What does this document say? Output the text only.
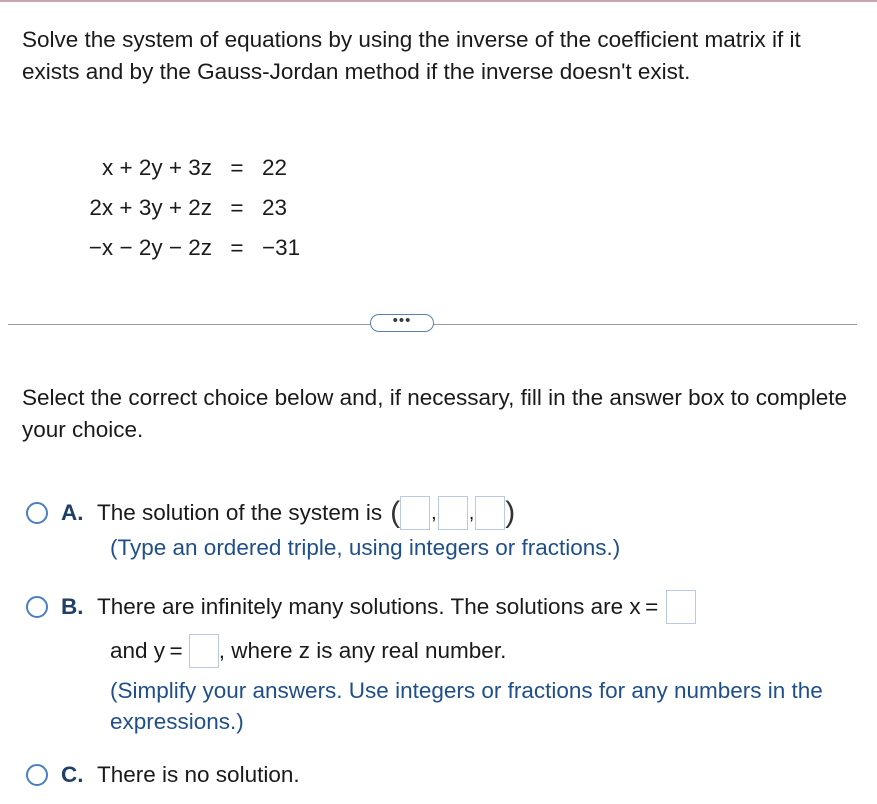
Solve the system of equations by using the inverse of the coefficient matrix if it exists and by the Gauss-Jordan method if the inverse doesn't exist.

x + 2y + 3z = 22
2x + 3y + 2z = 23
−x − 2y − 2z = −31
•••

Select the correct choice below and, if necessary, fill in the answer box to complete your choice.

A. The solution of the system is ( , , )

(Type an ordered triple, using integers or fractions.)

B. There are infinitely many solutions. The solutions are x =
and y = , where z is any real number.

(Simplify your answers. Use integers or fractions for any numbers in the expressions.)

C. There is no solution.
